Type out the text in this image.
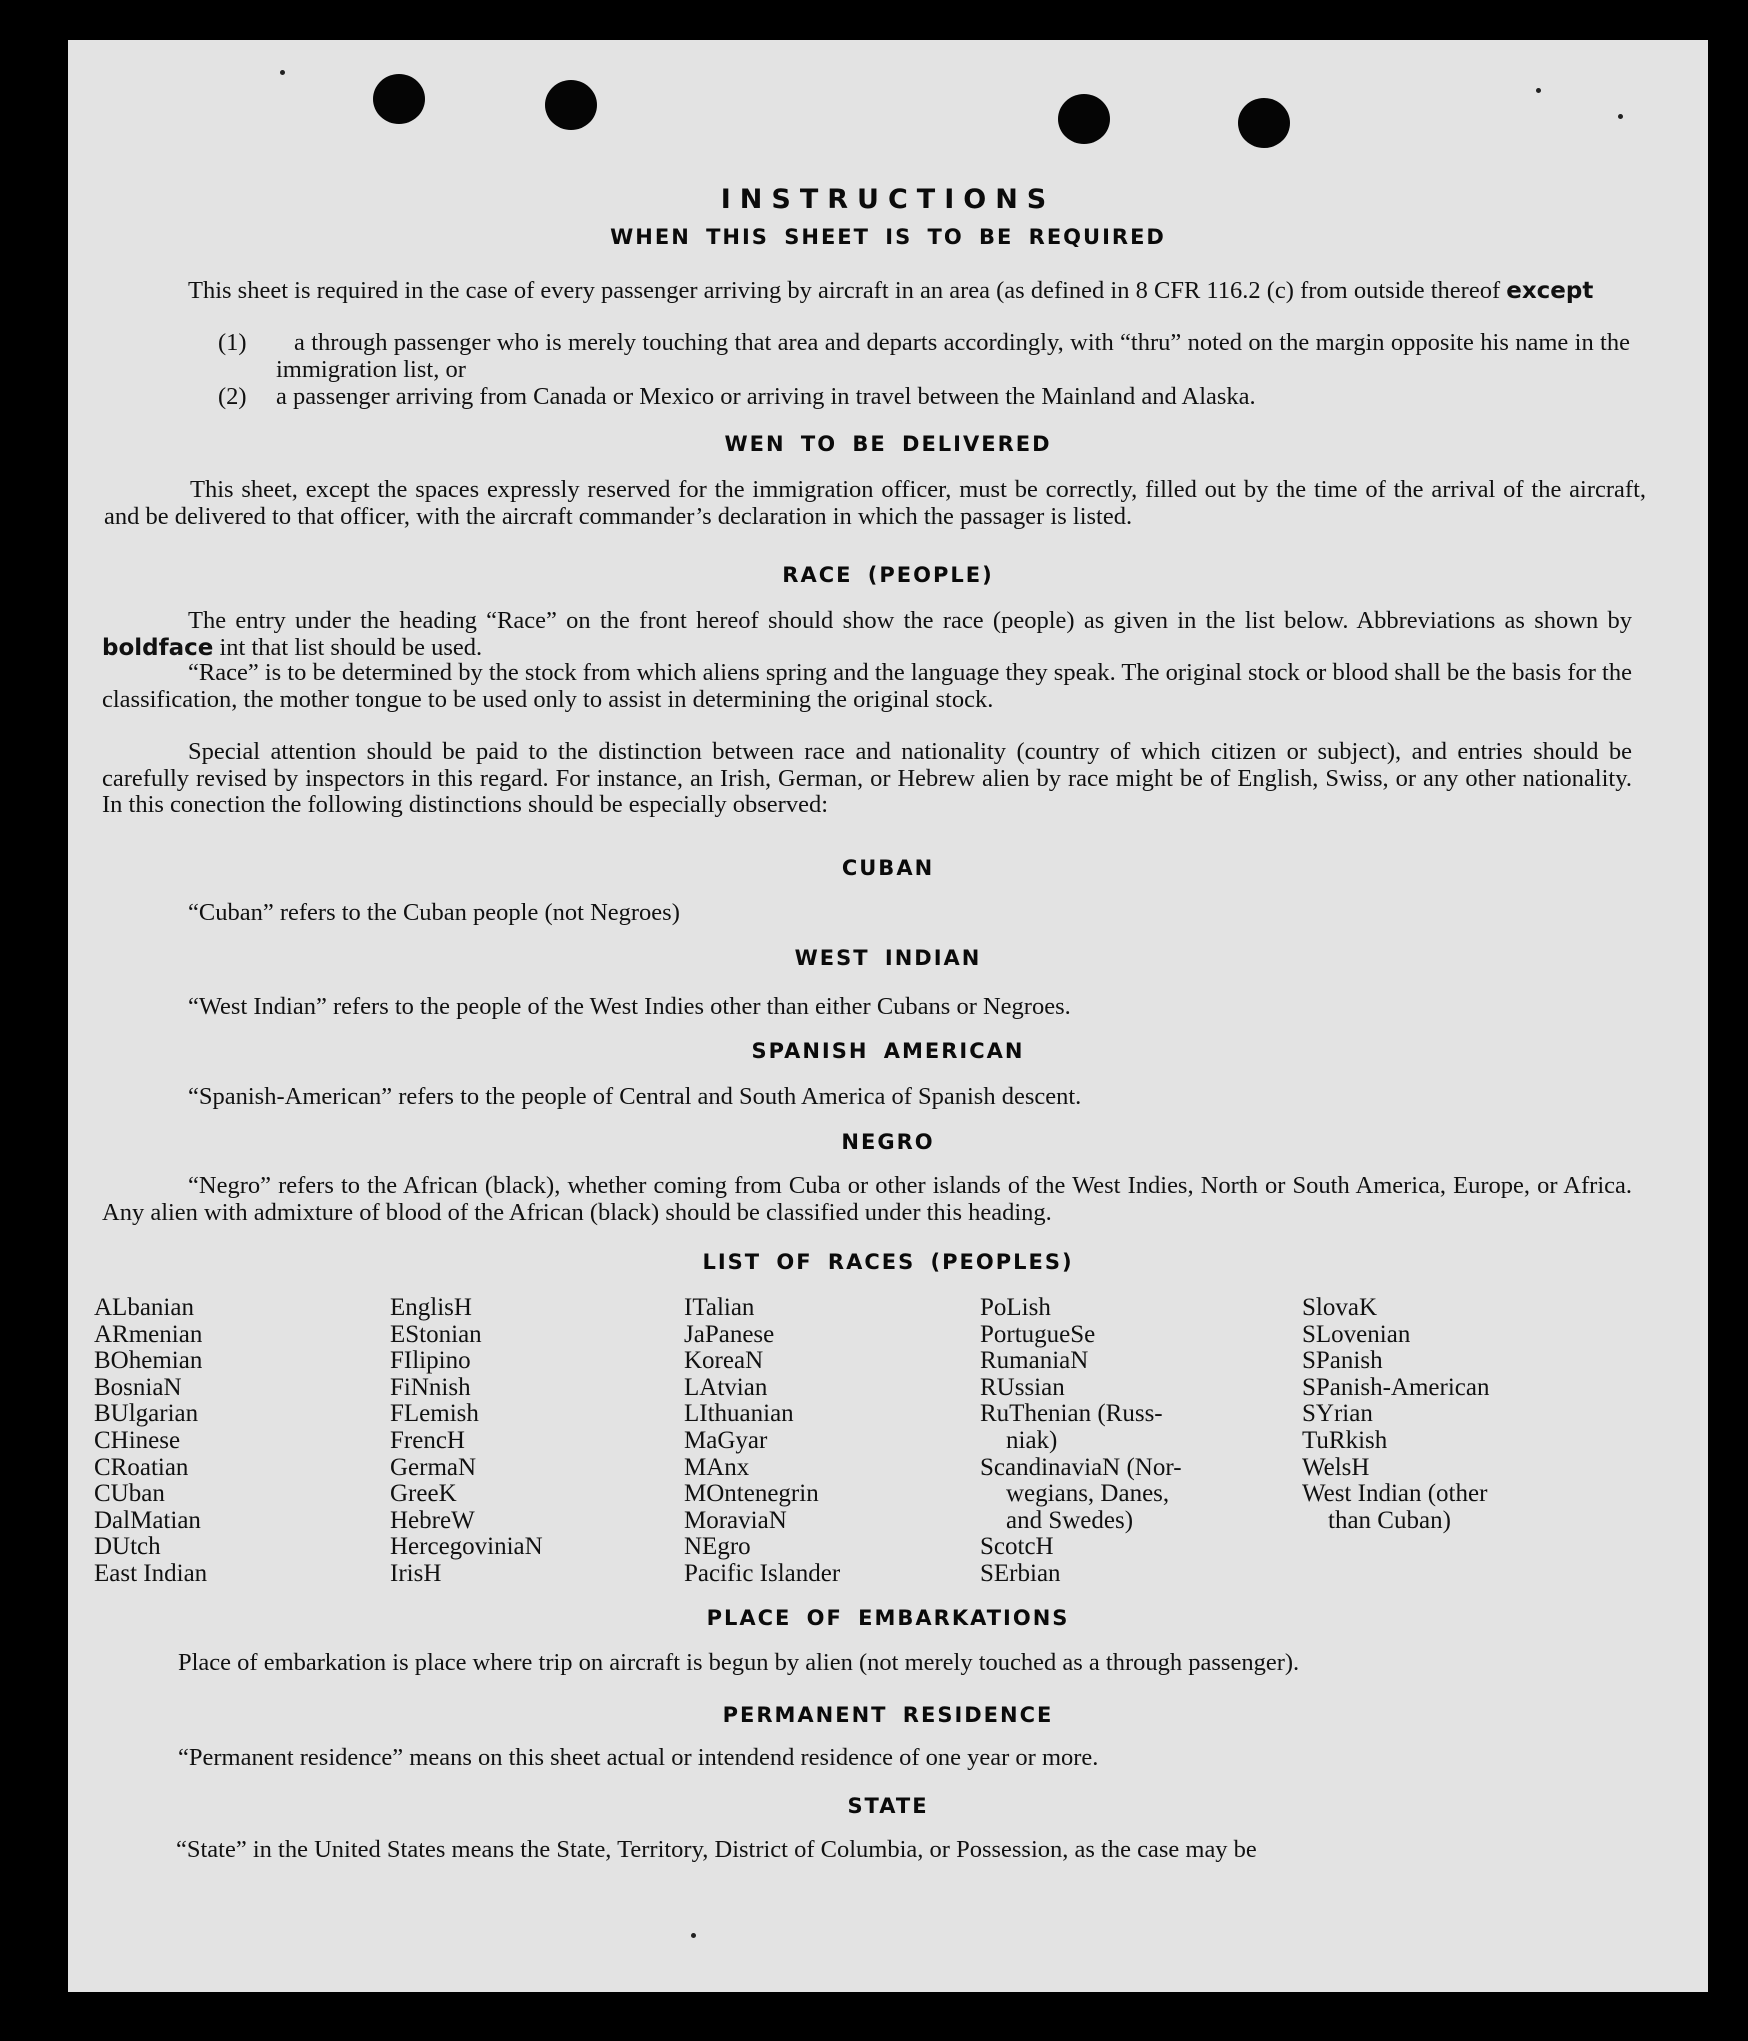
INSTRUCTIONS
WHEN THIS SHEET IS TO BE REQUIRED

This sheet is required in the case of every passenger arriving by aircraft in an area (as defined in 8 CFR 116.2 (c) from outside thereof except

(1)	a through passenger who is merely touching that area and departs accordingly, with “thru” noted on the margin opposite his name in the immigration list, or

(2) a passenger arriving from Canada or Mexico or arriving in travel between the Mainland and Alaska.

WEN TO BE DELIVERED

This sheet, except the spaces expressly reserved for the immigration officer, must be correctly, filled out by the time of the arrival of the aircraft, and be delivered to that officer, with the aircraft commander’s declaration in which the passager is listed.

RACE (PEOPLE)

The entry under the heading “Race” on the front hereof should show the race (people) as given in the list below. Abbreviations as shown by boldface int that list should be used.

“Race” is to be determined by the stock from which aliens spring and the language they speak. The original stock or blood shall be the basis for the classification, the mother tongue to be used only to assist in determining the original stock.

Special attention should be paid to the distinction between race and nationality (country of which citizen or subject), and entries should be carefully revised by inspectors in this regard. For instance, an Irish, German, or Hebrew alien by race might be of English, Swiss, or any other nationality. In this conection the following distinctions should be especially observed:

CUBAN

“Cuban” refers to the Cuban people (not Negroes)

WEST INDIAN

“West Indian” refers to the people of the West Indies other than either Cubans or Negroes.

SPANISH AMERICAN

“Spanish-American” refers to the people of Central and South America of Spanish descent.

NEGRO

“Negro” refers to the African (black), whether coming from Cuba or other islands of the West Indies, North or South America, Europe, or Africa. Any alien with admixture of blood of the African (black) should be classified under this heading.

LIST OF RACES (PEOPLES)
ALbanian
ARmenian
BOhemian
BosniaN
BUlgarian
CHinese
CRoatian
CUban
DalMatian
DUtch
East Indian
EnglisH
EStonian
FIlipino
FiNnish
FLemish
FrencH
GermaN
GreeK
HebreW
HercegoviniaN
IrisH
ITalian
JaPanese
KoreaN
LAtvian
LIthuanian
MaGyar
MAnx
MOntenegrin
MoraviaN
NEgro
Pacific Islander
PoLish
PortugueSe
RumaniaN
RUssian
RuThenian (Russ-
niak)
ScandinaviaN (Nor-
wegians, Danes,
and Swedes)
ScotcH
SErbian
SlovaK
SLovenian
SPanish
SPanish-American
SYrian
TuRkish
WelsH
West Indian (other
than Cuban)
PLACE OF EMBARKATIONS

Place of embarkation is place where trip on aircraft is begun by alien (not merely touched as a through passenger).

PERMANENT RESIDENCE

“Permanent residence” means on this sheet actual or intendend residence of one year or more.

STATE

“State” in the United States means the State, Territory, District of Columbia, or Possession, as the case may be
